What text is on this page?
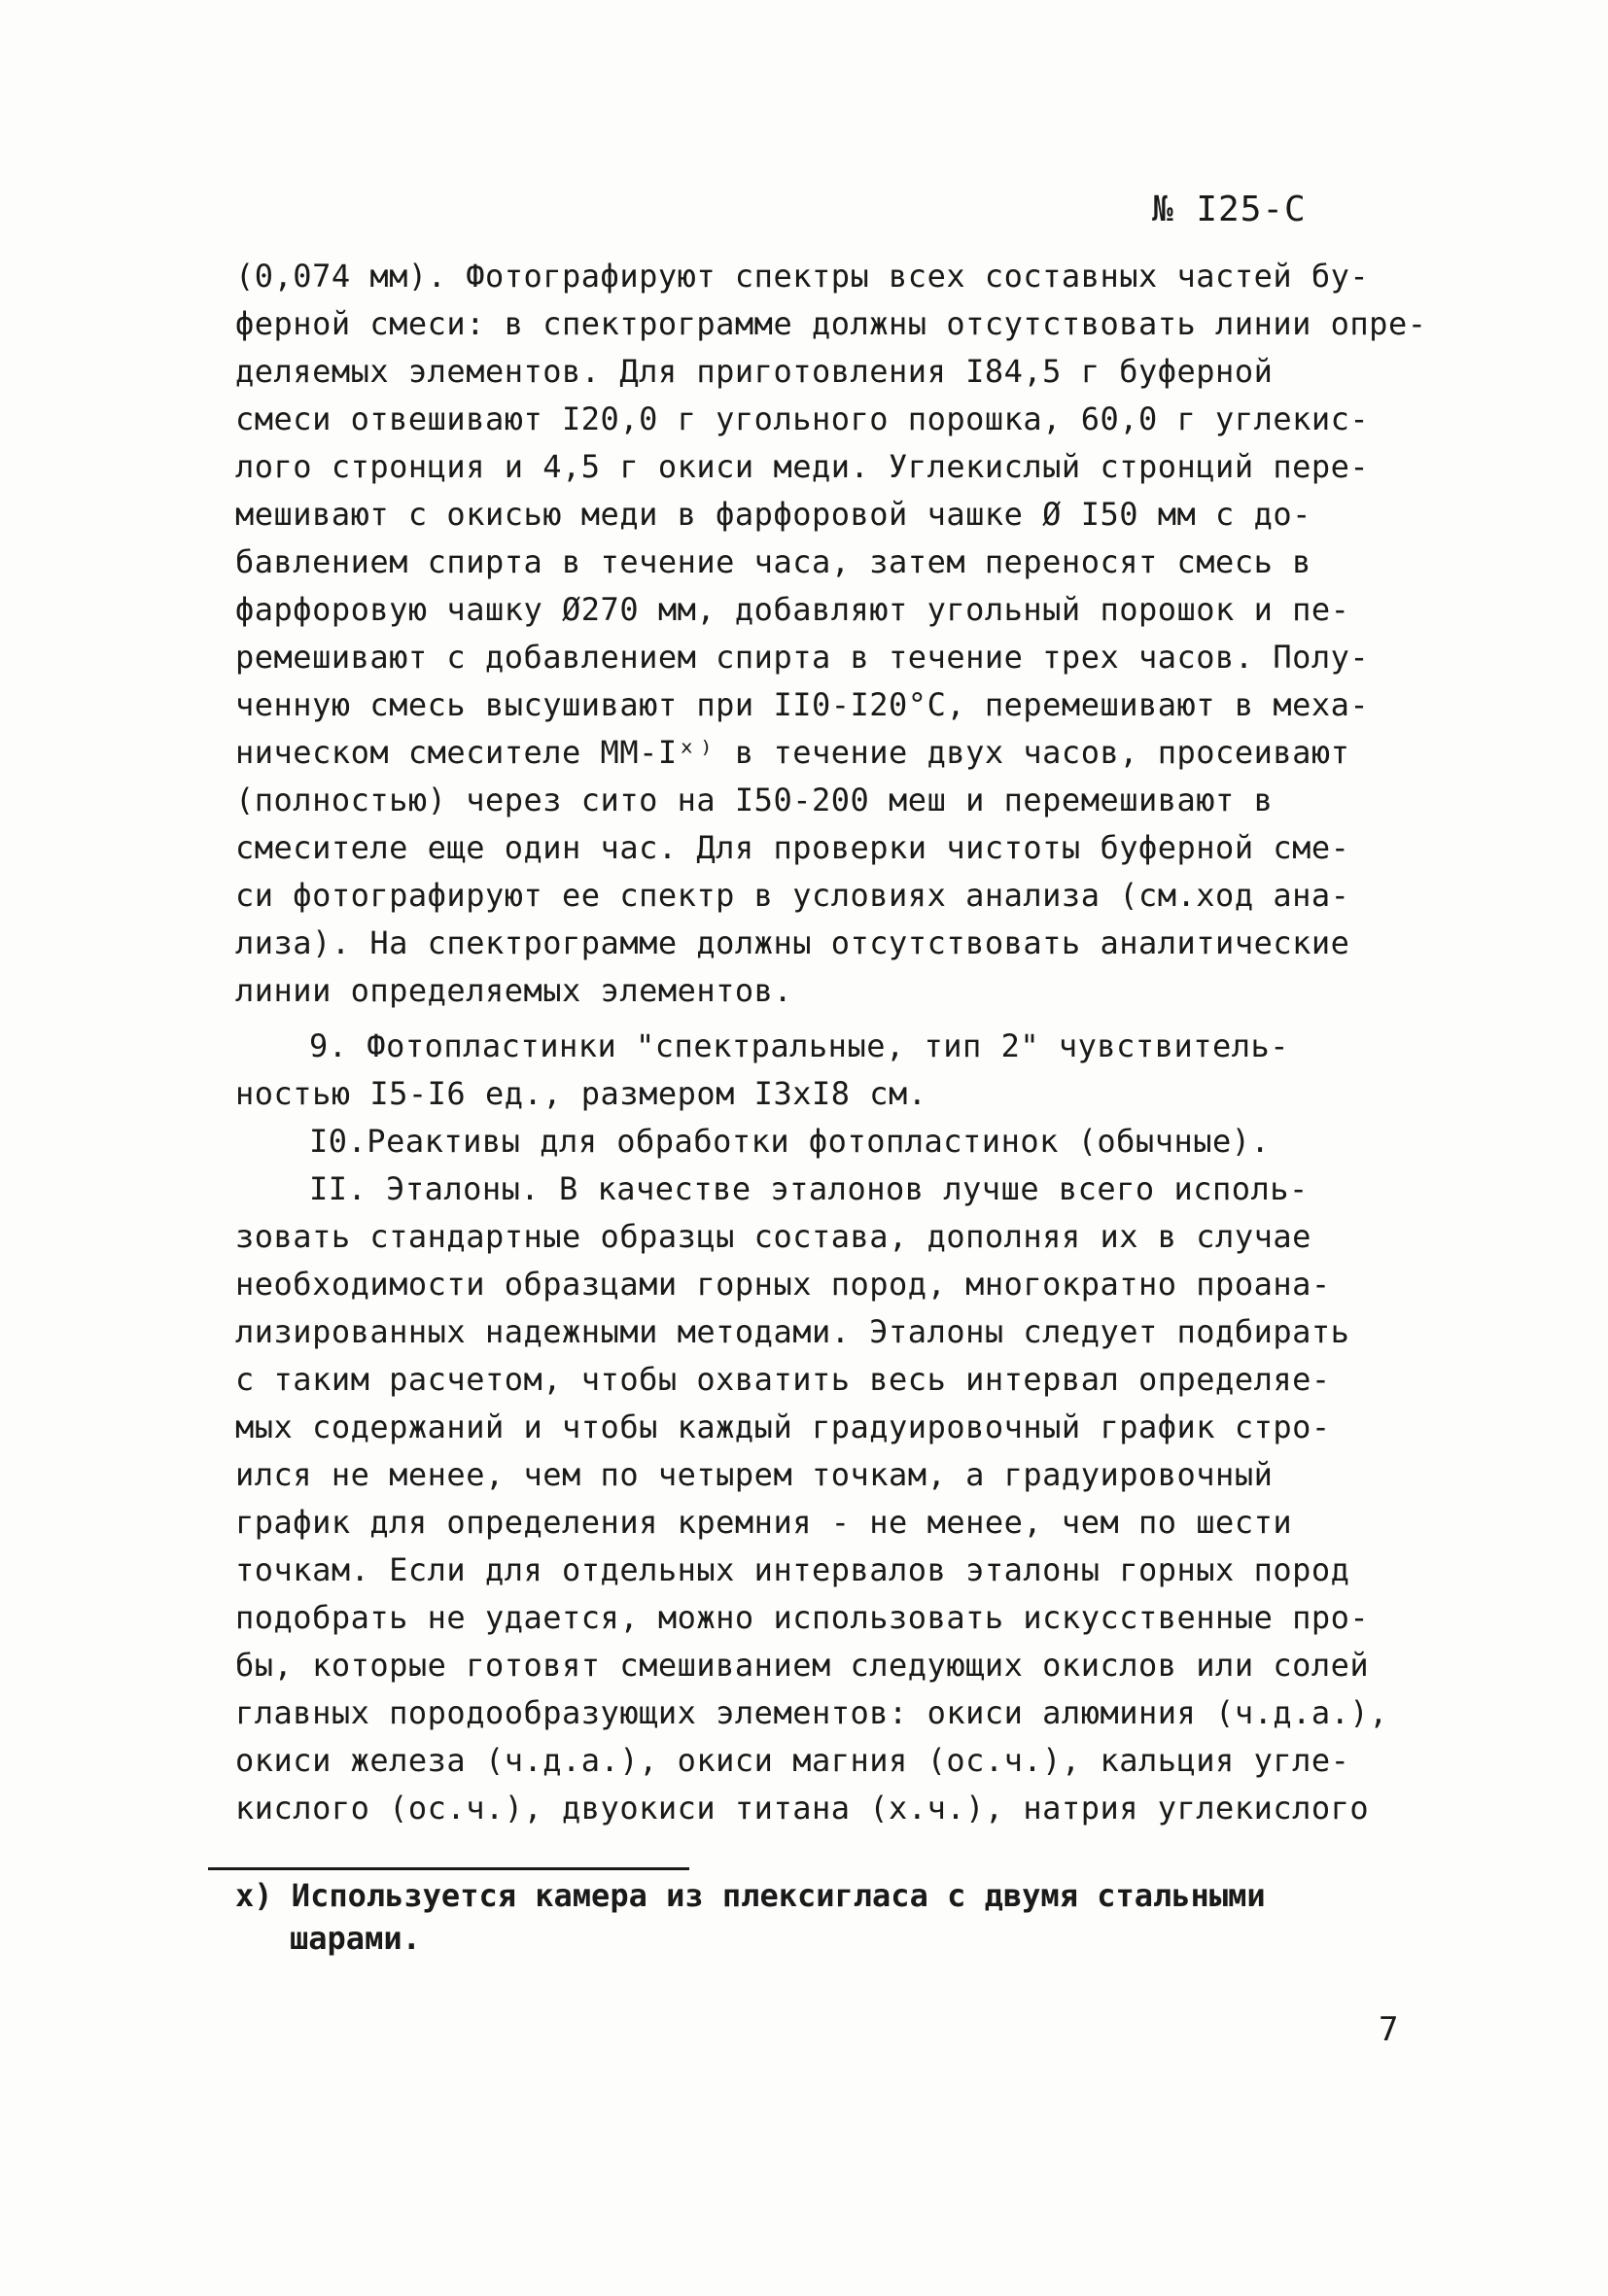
№ I25-С
(0,074 мм). Фотографируют спектры всех составных частей бу-
ферной смеси: в спектрограмме должны отсутствовать линии опре-
деляемых элементов. Для приготовления I84,5 г буферной
смеси отвешивают I20,0 г угольного порошка, 60,0 г углекис-
лого стронция и 4,5 г окиси меди. Углекислый стронций пере-
мешивают с окисью меди в фарфоровой чашке Ø I50 мм с до-
бавлением спирта в течение часа, затем переносят смесь в
фарфоровую чашку Ø270 мм, добавляют угольный порошок и пе-
ремешивают с добавлением спирта в течение трех часов. Полу-
ченную смесь высушивают при II0-I20°С, перемешивают в меха-
ническом смесителе ММ-Iˣ⁾ в течение двух часов, просеивают
(полностью) через сито на I50-200 меш и перемешивают в
смесителе еще один час. Для проверки чистоты буферной сме-
си фотографируют ее спектр в условиях анализа (см.ход ана-
лиза). На спектрограмме должны отсутствовать аналитические
линии определяемых элементов.
9. Фотопластинки "спектральные, тип 2" чувствитель-
ностью I5-I6 ед., размером I3хI8 см.
I0.Реактивы для обработки фотопластинок (обычные).
II. Эталоны. В качестве эталонов лучше всего исполь-
зовать стандартные образцы состава, дополняя их в случае
необходимости образцами горных пород, многократно проана-
лизированных надежными методами. Эталоны следует подбирать
с таким расчетом, чтобы охватить весь интервал определяе-
мых содержаний и чтобы каждый градуировочный график стро-
ился не менее, чем по четырем точкам, а градуировочный
график для определения кремния - не менее, чем по шести
точкам. Если для отдельных интервалов эталоны горных пород
подобрать не удается, можно использовать искусственные про-
бы, которые готовят смешиванием следующих окислов или солей
главных породообразующих элементов: окиси алюминия (ч.д.а.),
окиси железа (ч.д.а.), окиси магния (ос.ч.), кальция угле-
кислого (ос.ч.), двуокиси титана (х.ч.), натрия углекислого
x) Используется камера из плексигласа с двумя стальными
шарами.
7
